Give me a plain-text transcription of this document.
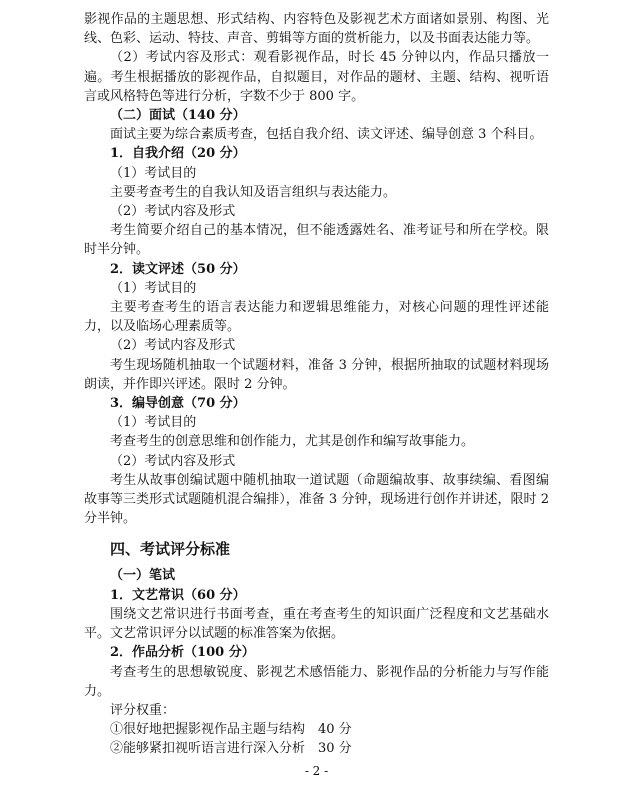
影视作品的主题思想、形式结构、内容特色及影视艺术方面诸如景别、构图、光线、色彩、运动、特技、声音、剪辑等方面的赏析能力，以及书面表达能力等。

（2）考试内容及形式：观看影视作品，时长 45 分钟以内，作品只播放一遍。考生根据播放的影视作品，自拟题目，对作品的题材、主题、结构、视听语言或风格特色等进行分析，字数不少于 800 字。

（二）面试（140 分）

面试主要为综合素质考查，包括自我介绍、读文评述、编导创意 3 个科目。

1．自我介绍（20 分）

（1）考试目的

主要考查考生的自我认知及语言组织与表达能力。

（2）考试内容及形式

考生简要介绍自己的基本情况，但不能透露姓名、准考证号和所在学校。限时半分钟。

2．读文评述（50 分）

（1）考试目的

主要考查考生的语言表达能力和逻辑思维能力，对核心问题的理性评述能力，以及临场心理素质等。

（2）考试内容及形式

考生现场随机抽取一个试题材料，准备 3 分钟，根据所抽取的试题材料现场朗读，并作即兴评述。限时 2 分钟。

3．编导创意（70 分）

（1）考试目的

考查考生的创意思维和创作能力，尤其是创作和编写故事能力。

（2）考试内容及形式

考生从故事创编试题中随机抽取一道试题（命题编故事、故事续编、看图编故事等三类形式试题随机混合编排），准备 3 分钟，现场进行创作并讲述，限时 2 分半钟。

四、考试评分标准

（一）笔试

1．文艺常识（60 分）

围绕文艺常识进行书面考查，重在考查考生的知识面广泛程度和文艺基础水平。文艺常识评分以试题的标准答案为依据。

2．作品分析（100 分）

考查考生的思想敏锐度、影视艺术感悟能力、影视作品的分析能力与写作能力。

评分权重：

①很好地把握影视作品主题与结构　40 分

②能够紧扣视听语言进行深入分析　30 分

- 2 -
